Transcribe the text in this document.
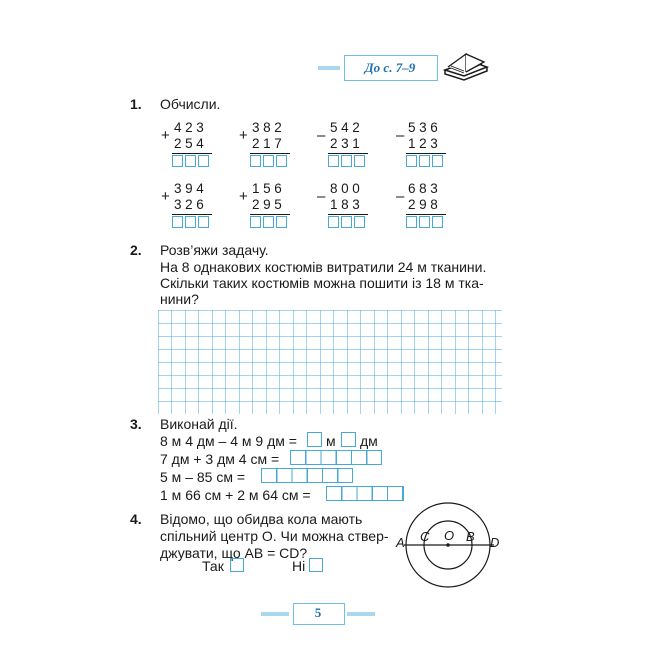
До с. 7–9
1. Обчисли.
+ 423
254 + 382
217 – 542
231 – 536
123
+ 394
326 + 156
295 – 800
183 – 683
298
2. Розв’яжи задачу.
На 8 однакових костюмів витратили 24 м тканини.
Скільки таких костюмів можна пошити із 18 м тка-
нини?
3. Виконай дії.
8 м 4 дм – 4 м 9 дм = м дм
7 дм + 3 дм 4 см =
5 м – 85 см =
1 м 66 см + 2 м 64 см =
4. Відомо, що обидва кола мають
спільний центр O. Чи можна ствер-
джувати, що AB = CD?
Так	Ні
A C O B D
5
